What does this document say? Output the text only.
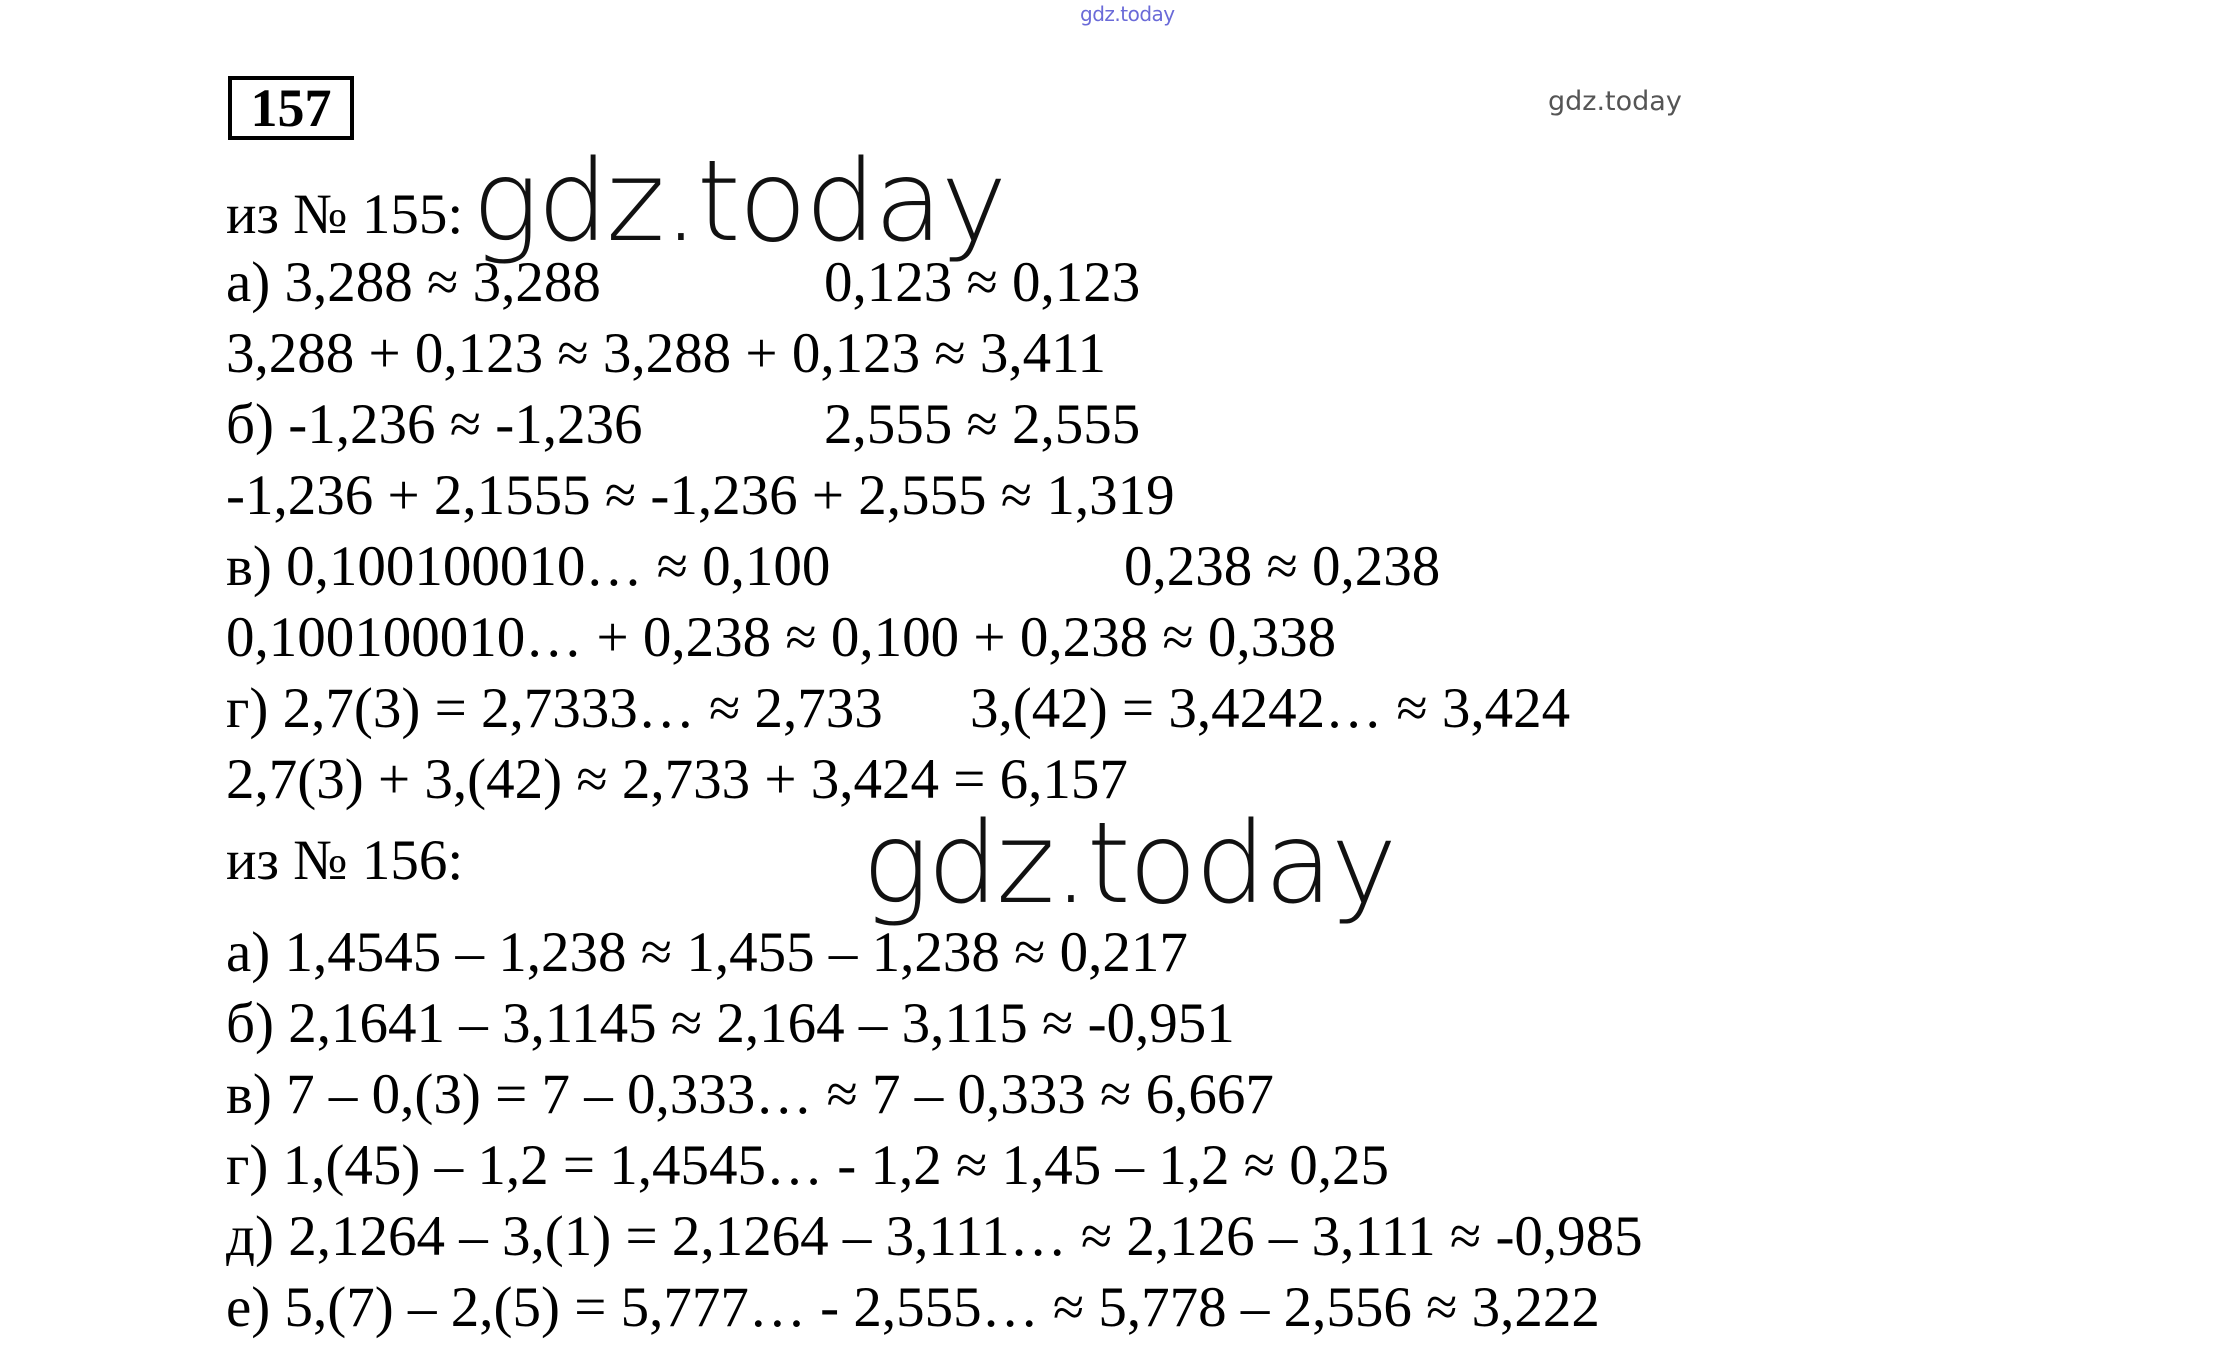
gdz.today
gdz.today
157
из № 155: gdz.today
а) 3,288 ≈ 3,288	0,123 ≈ 0,123
3,288 + 0,123 ≈ 3,288 + 0,123 ≈ 3,411
б) -1,236 ≈ -1,236	2,555 ≈ 2,555
-1,236 + 2,1555 ≈ -1,236 + 2,555 ≈ 1,319
в) 0,100100010… ≈ 0,100	0,238 ≈ 0,238
0,100100010… + 0,238 ≈ 0,100 + 0,238 ≈ 0,338
г) 2,7(3) = 2,7333… ≈ 2,733 3,(42) = 3,4242… ≈ 3,424
2,7(3) + 3,(42) ≈ 2,733 + 3,424 = 6,157
из № 156:	gdz.today
а) 1,4545 – 1,238 ≈ 1,455 – 1,238 ≈ 0,217
б) 2,1641 – 3,1145 ≈ 2,164 – 3,115 ≈ -0,951
в) 7 – 0,(3) = 7 – 0,333… ≈ 7 – 0,333 ≈ 6,667
г) 1,(45) – 1,2 = 1,4545… - 1,2 ≈ 1,45 – 1,2 ≈ 0,25
д) 2,1264 – 3,(1) = 2,1264 – 3,111… ≈ 2,126 – 3,111 ≈ -0,985
е) 5,(7) – 2,(5) = 5,777… - 2,555… ≈ 5,778 – 2,556 ≈ 3,222
